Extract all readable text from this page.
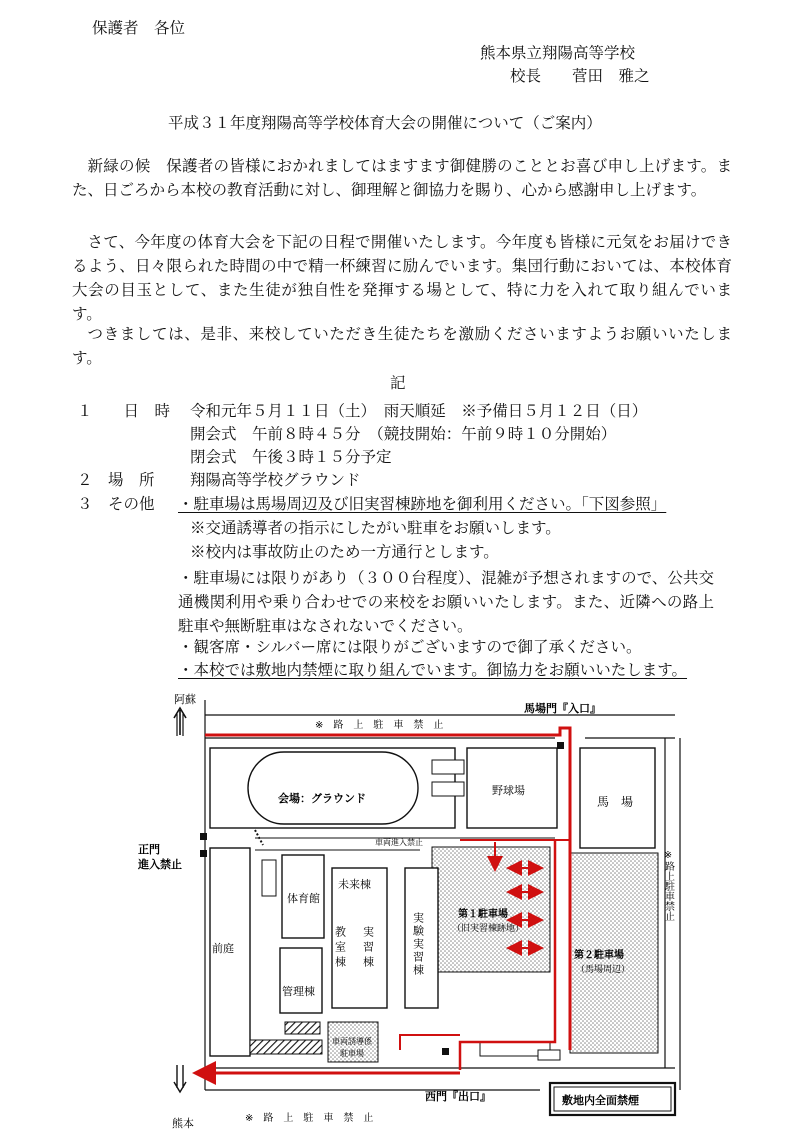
保護者　各位
熊本県立翔陽高等学校
校長　　菅田　雅之
平成３１年度翔陽高等学校体育大会の開催について（ご案内）
新緑の候　保護者の皆様におかれましてはますます御健勝のこととお喜び申し上げます。また、日ごろから本校の教育活動に対し、御理解と御協力を賜り、心から感謝申し上げます。
さて、今年度の体育大会を下記の日程で開催いたします。今年度も皆様に元気をお届けできるよう、日々限られた時間の中で精一杯練習に励んでいます。集団行動においては、本校体育大会の目玉として、また生徒が独自性を発揮する場として、特に力を入れて取り組んでいます。
つきましては、是非、来校していただき生徒たちを激励くださいますようお願いいたします。
記
１　　日　時 令和元年５月１１日（土）　雨天順延　※予備日５月１２日（日）
開会式　午前８時４５分　（競技開始：午前９時１０分開始）
閉会式　午後３時１５分予定
２　場　所 翔陽高等学校グラウンド
３　その他 ・駐車場は馬場周辺及び旧実習棟跡地を御利用ください。「下図参照」
※交通誘導者の指示にしたがい駐車をお願いします。
※校内は事故防止のため一方通行とします。
・駐車場には限りがあり（３００台程度）、混雑が予想されますので、公共交通機関利用や乗り合わせでの来校をお願いいたします。また、近隣への路上駐車や無断駐車はなされないでください。
・観客席・シルバー席には限りがございますので御了承ください。
・本校では敷地内禁煙に取り組んでいます。御協力をお願いいたします。
阿蘇
熊本
※　路　上　駐　車　禁　止
※　路　上　駐　車　禁　止
※路上駐車禁止
馬場門『入口』
西門『出口』
正門
進入禁止
会場：グラウンド
野球場
馬　場
車両進入禁止
第１駐車場
（旧実習棟跡地）
第２駐車場
（馬場周辺）
前庭
体育館
管理棟
未来棟
教室棟 実習棟	実験実習棟
車両誘導係
駐車場
敷地内全面禁煙
